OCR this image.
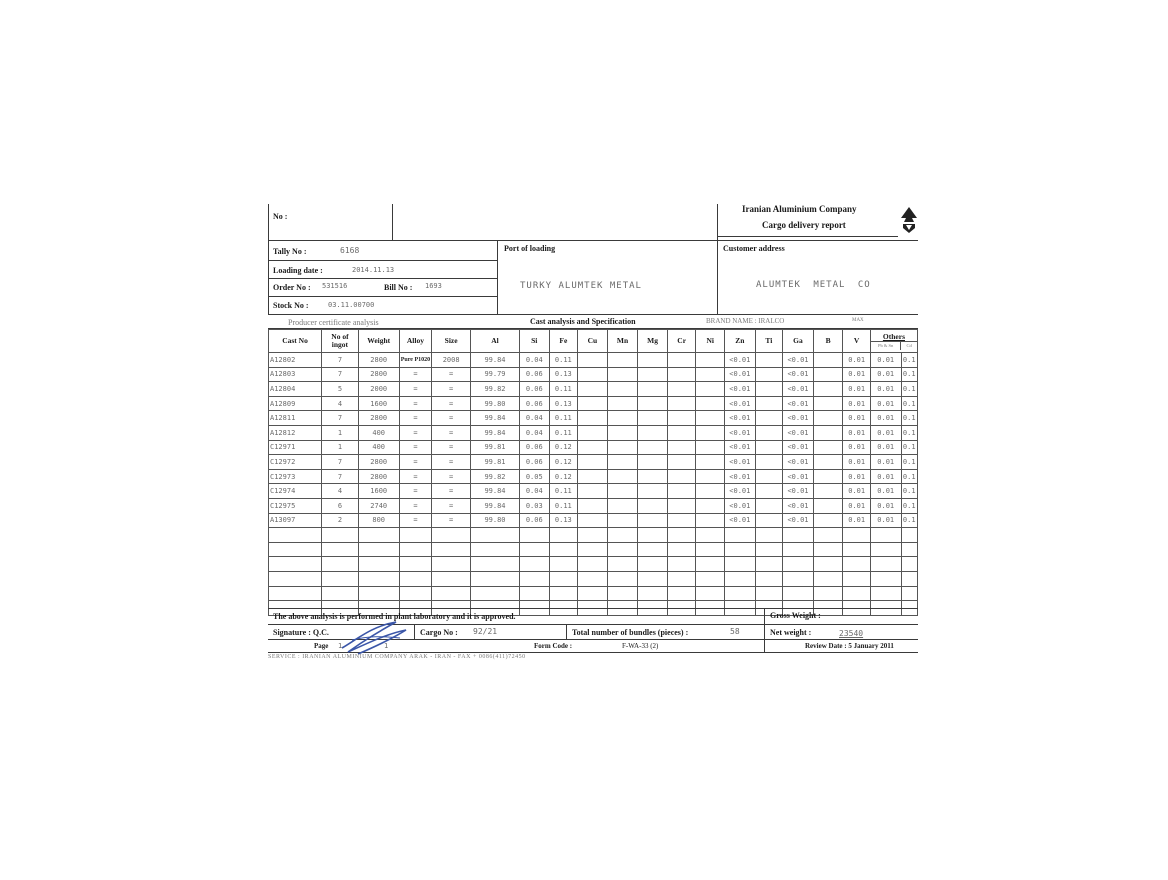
No :
Iranian Aluminium Company
Cargo delivery report
Tally No :	6168
Loading date :	2014.11.13
Order No : 531516	Bill No : 1693
Stock No :	03.11.00700
Port of loading
TURKY ALUMTEK METAL
Customer address
ALUMTEK METAL CO
Producer certificate analysis	Cast analysis and Specification	BRAND NAME : IRALCO	MAX
Cast No	No of ingot	Weight	Alloy	Size	Al	Si	Fe	Cu	Mn	Mg	Cr	Ni	Zn	Ti	Ga	B	V	Others
Pb & Sn Cd	

A12802	7	2800	Pure P1020	2008	99.84	0.04	0.11						<0.01		<0.01		0.01	0.01	0.1
A12803	7	2800	=	=	99.79	0.06	0.13						<0.01		<0.01		0.01	0.01	0.1
A12804	5	2000	=	=	99.82	0.06	0.11						<0.01		<0.01		0.01	0.01	0.1
A12809	4	1600	=	=	99.80	0.06	0.13						<0.01		<0.01		0.01	0.01	0.1
A12811	7	2800	=	=	99.84	0.04	0.11						<0.01		<0.01		0.01	0.01	0.1
A12812	1	400	=	=	99.84	0.04	0.11						<0.01		<0.01		0.01	0.01	0.1
C12971	1	400	=	=	99.81	0.06	0.12						<0.01		<0.01		0.01	0.01	0.1
C12972	7	2800	=	=	99.81	0.06	0.12						<0.01		<0.01		0.01	0.01	0.1
C12973	7	2800	=	=	99.82	0.05	0.12						<0.01		<0.01		0.01	0.01	0.1
C12974	4	1600	=	=	99.84	0.04	0.11						<0.01		<0.01		0.01	0.01	0.1
C12975	6	2740	=	=	99.84	0.03	0.11						<0.01		<0.01		0.01	0.01	0.1
A13097	2	800	=	=	99.80	0.06	0.13						<0.01		<0.01		0.01	0.01	0.1

The above analysis is performed in plant laboratory and it is approved.	Gross Weight :
Signature : Q.C.	Cargo No : 92/21	Total number of bundles (pieces) :	58	Net weight :	23540
Page 1	1	Form Code :	F-WA-33 (2)	Review Date : 5 January 2011
SERVICE : IRANIAN ALUMINIUM COMPANY ARAK - IRAN - FAX + 0086(411)72450
